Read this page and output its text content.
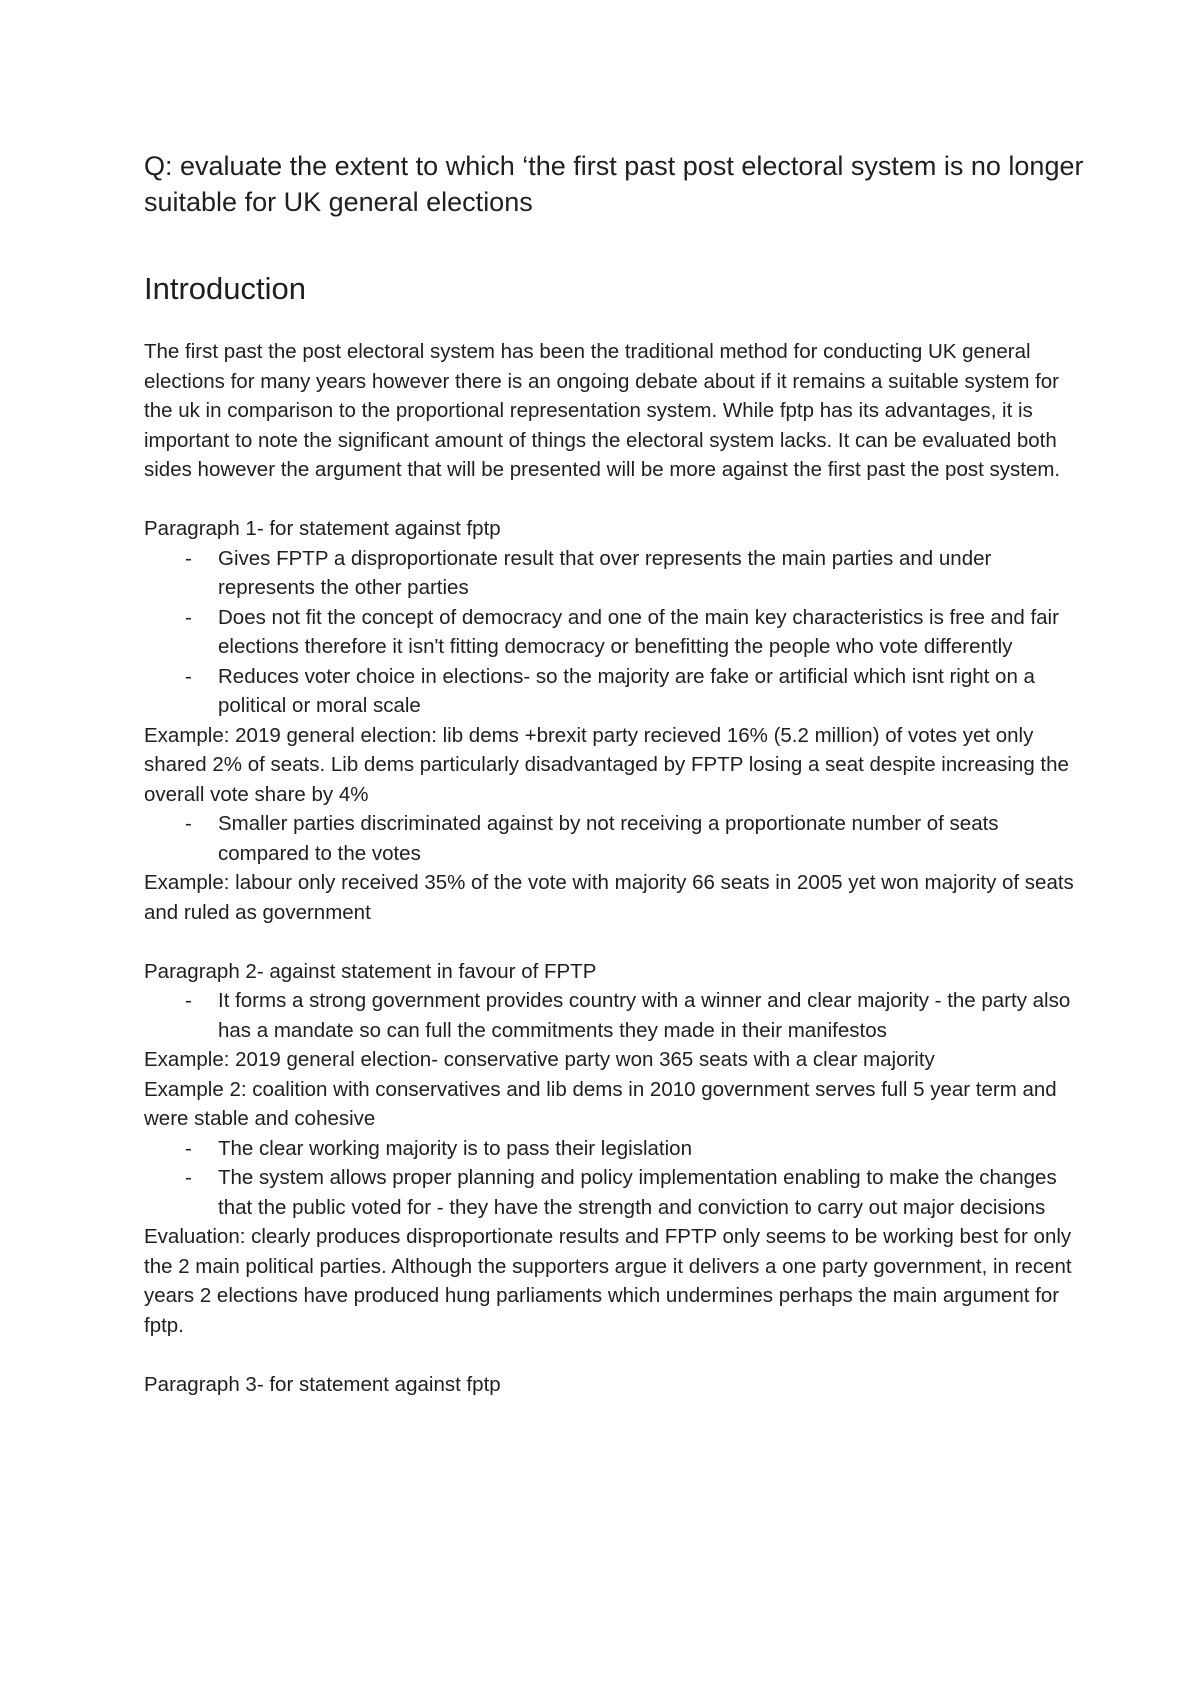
Q: evaluate the extent to which ‘the first past post electoral system is no longer suitable for UK general elections

Introduction

The first past the post electoral system has been the traditional method for conducting UK general elections for many years however there is an ongoing debate about if it remains a suitable system for the uk in comparison to the proportional representation system. While fptp has its advantages, it is important to note the significant amount of things the electoral system lacks. It can be evaluated both sides however the argument that will be presented will be more against the first past the post system.

Paragraph 1- for statement against fptp

- Gives FPTP a disproportionate result that over represents the main parties and under represents the other parties
- Does not fit the concept of democracy and one of the main key characteristics is free and fair elections therefore it isn't fitting democracy or benefitting the people who vote differently
- Reduces voter choice in elections- so the majority are fake or artificial which isnt right on a political or moral scale

Example: 2019 general election: lib dems +brexit party recieved 16% (5.2 million) of votes yet only shared 2% of seats. Lib dems particularly disadvantaged by FPTP losing a seat despite increasing the overall vote share by 4%

- Smaller parties discriminated against by not receiving a proportionate number of seats compared to the votes

Example: labour only received 35% of the vote with majority 66 seats in 2005 yet won majority of seats and ruled as government

Paragraph 2- against statement in favour of FPTP

- It forms a strong government provides country with a winner and clear majority - the party also has a mandate so can full the commitments they made in their manifestos

Example: 2019 general election- conservative party won 365 seats with a clear majority

Example 2: coalition with conservatives and lib dems in 2010 government serves full 5 year term and were stable and cohesive

- The clear working majority is to pass their legislation
- The system allows proper planning and policy implementation enabling to make the changes that the public voted for - they have the strength and conviction to carry out major decisions

Evaluation: clearly produces disproportionate results and FPTP only seems to be working best for only the 2 main political parties. Although the supporters argue it delivers a one party government, in recent years 2 elections have produced hung parliaments which undermines perhaps the main argument for fptp.

Paragraph 3- for statement against fptp
